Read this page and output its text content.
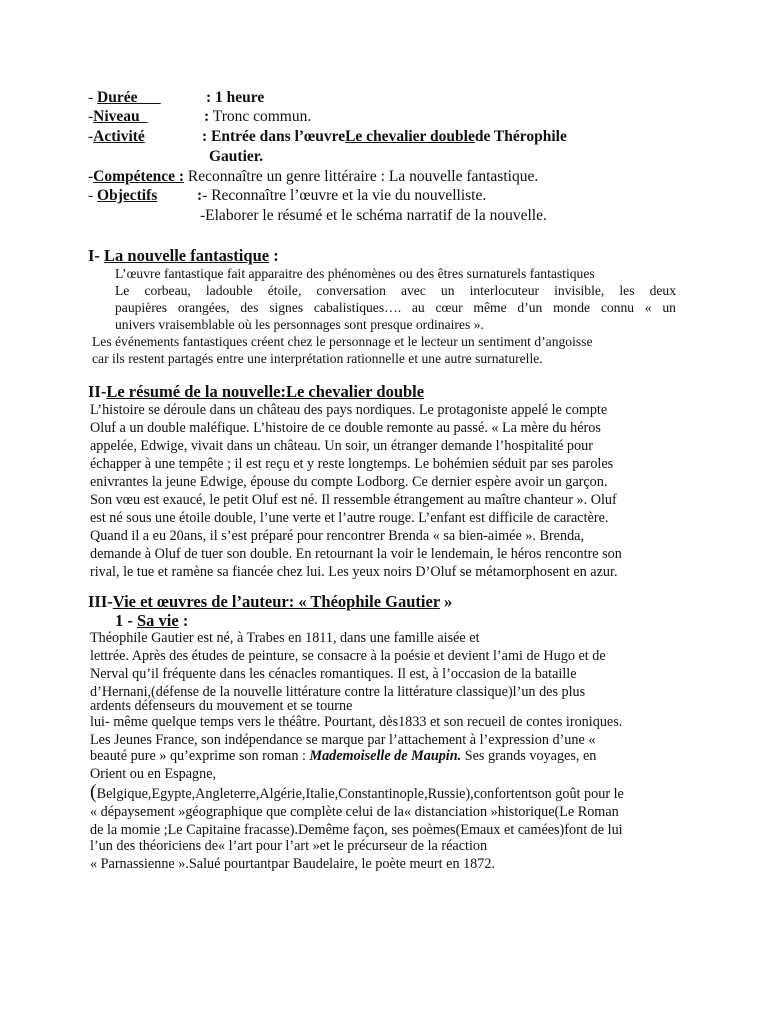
- Durée	: 1 heure
-Niveau	: Tronc commun.
-Activité	: Entrée dans l’œuvreLe chevalier doublede Thérophile
Gautier.
-Compétence : Reconnaître un genre littéraire : La nouvelle fantastique.
- Objectifs	:- Reconnaître l’œuvre et la vie du nouvelliste.
-Elaborer le résumé et le schéma narratif de la nouvelle.
I- La nouvelle fantastique :
L’œuvre fantastique fait apparaitre des phénomènes ou des êtres surnaturels fantastiques
Le corbeau, ladouble étoile, conversation avec un interlocuteur invisible, les deux
paupières orangées, des signes cabalistiques…. au cœur même d’un monde connu « un
univers vraisemblable où les personnages sont presque ordinaires ».
Les événements fantastiques créent chez le personnage et le lecteur un sentiment d’angoisse
car ils restent partagés entre une interprétation rationnelle et une autre surnaturelle.
II-Le résumé de la nouvelle:Le chevalier double
L’histoire se déroule dans un château des pays nordiques. Le protagoniste appelé le compte
Oluf a un double maléfique. L’histoire de ce double remonte au passé. « La mère du héros
appelée, Edwige, vivait dans un château. Un soir, un étranger demande l’hospitalité pour
échapper à une tempête ; il est reçu et y reste longtemps. Le bohémien séduit par ses paroles
enivrantes la jeune Edwige, épouse du compte Lodborg. Ce dernier espère avoir un garçon.
Son vœu est exaucé, le petit Oluf est né. Il ressemble étrangement au maître chanteur ». Oluf
est né sous une étoile double, l’une verte et l’autre rouge. L’enfant est difficile de caractère.
Quand il a eu 20ans, il s’est préparé pour rencontrer Brenda « sa bien-aimée ». Brenda,
demande à Oluf de tuer son double. En retournant la voir le lendemain, le héros rencontre son
rival, le tue et ramène sa fiancée chez lui. Les yeux noirs D’Oluf se métamorphosent en azur.
III-Vie et œuvres de l’auteur: « Théophile Gautier »
1 - Sa vie :
Théophile Gautier est né, à Trabes en 1811, dans une famille aisée et
lettrée. Après des études de peinture, se consacre à la poésie et devient l’ami de Hugo et de
Nerval qu’il fréquente dans les cénacles romantiques. Il est, à l’occasion de la bataille
d’Hernani,(défense de la nouvelle littérature contre la littérature classique)l’un des plus
ardents défenseurs du mouvement et se tourne
lui- même quelque temps vers le théâtre. Pourtant, dès1833 et son recueil de contes ironiques.
Les Jeunes France, son indépendance se marque par l’attachement à l’expression d’une «
beauté pure » qu’exprime son roman : Mademoiselle de Maupin. Ses grands voyages, en
Orient ou en Espagne,
(Belgique,Egypte,Angleterre,Algérie,Italie,Constantinople,Russie),confortentson goût pour le
« dépaysement »géographique que complète celui de la« distanciation »historique(Le Roman
de la momie ;Le Capitaine fracasse).Demême façon, ses poèmes(Emaux et camées)font de lui
l’un des théoriciens de« l’art pour l’art »et le précurseur de la réaction
« Parnassienne ».Salué pourtantpar Baudelaire, le poète meurt en 1872.
